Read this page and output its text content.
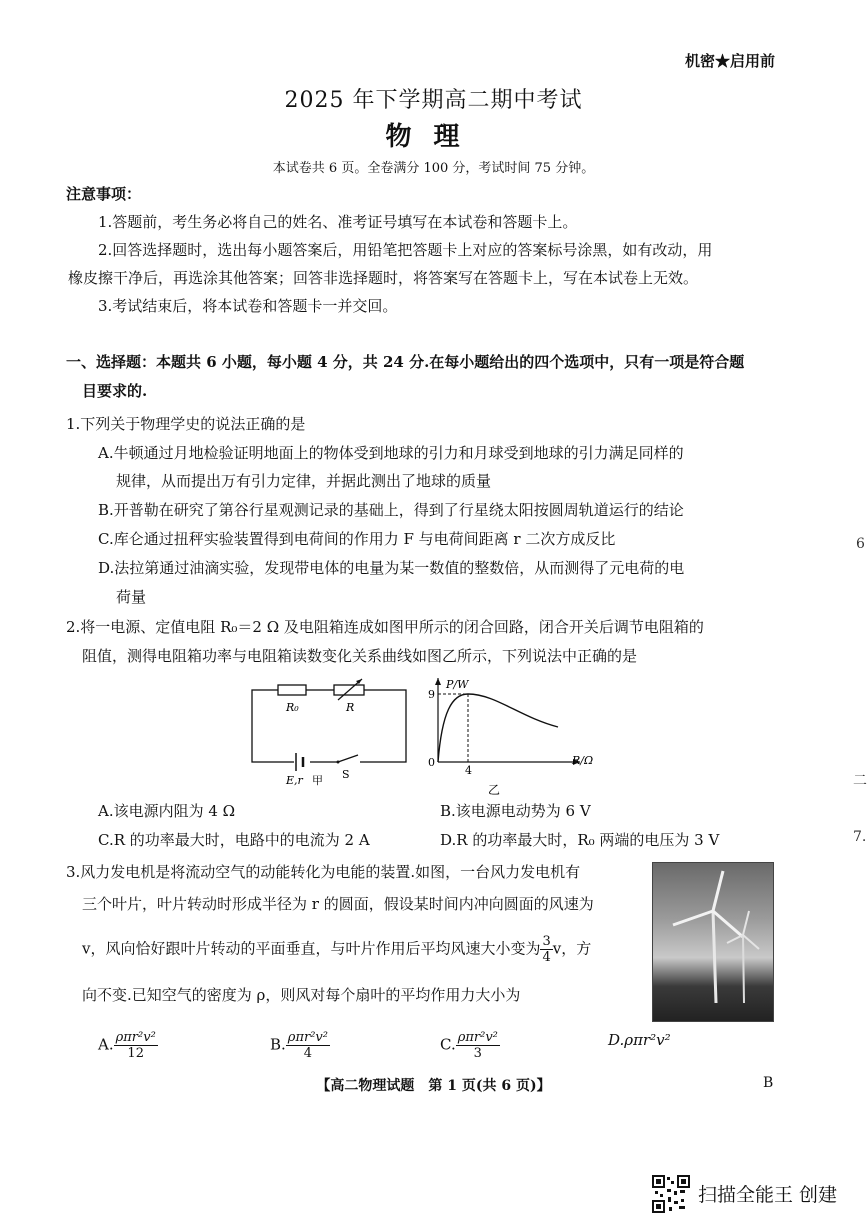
机密★启用前
2025 年下学期高二期中考试
物理
本试卷共 6 页。全卷满分 100 分，考试时间 75 分钟。
注意事项：
1.答题前，考生务必将自己的姓名、准考证号填写在本试卷和答题卡上。
2.回答选择题时，选出每小题答案后，用铅笔把答题卡上对应的答案标号涂黑，如有改动，用
橡皮擦干净后，再选涂其他答案；回答非选择题时，将答案写在答题卡上，写在本试卷上无效。
3.考试结束后，将本试卷和答题卡一并交回。
一、选择题：本题共 6 小题，每小题 4 分，共 24 分.在每小题给出的四个选项中，只有一项是符合题
目要求的.
1.下列关于物理学史的说法正确的是
A.牛顿通过月地检验证明地面上的物体受到地球的引力和月球受到地球的引力满足同样的
规律，从而提出万有引力定律，并据此测出了地球的质量
B.开普勒在研究了第谷行星观测记录的基础上，得到了行星绕太阳按圆周轨道运行的结论
C.库仑通过扭秤实验装置得到电荷间的作用力 F 与电荷间距离 r 二次方成反比
D.法拉第通过油滴实验，发现带电体的电量为某一数值的整数倍，从而测得了元电荷的电
荷量
2.将一电源、定值电阻 R₀＝2 Ω 及电阻箱连成如图甲所示的闭合回路，闭合开关后调节电阻箱的
阻值，测得电阻箱功率与电阻箱读数变化关系曲线如图乙所示，下列说法中正确的是
R₀	R
E,r 甲 S
P/W
R/Ω
9
4
0
乙
A.该电源内阻为 4 Ω	B.该电源电动势为 6 V
C.R 的功率最大时，电路中的电流为 2 A	D.R 的功率最大时，R₀ 两端的电压为 3 V
3.风力发电机是将流动空气的动能转化为电能的装置.如图，一台风力发电机有
三个叶片，叶片转动时形成半径为 r 的圆面，假设某时间内冲向圆面的风速为
v，风向恰好跟叶片转动的平面垂直，与叶片作用后平均风速大小变为 $\frac{3}{4}$ v，方
向不变.已知空气的密度为 ρ，则风对每个扇叶的平均作用力大小为
A. $\frac{\text{ρπr²v²}}{12}$	B. $\frac{\text{ρπr²v²}}{4}$	C. $\frac{\text{ρπr²v²}}{3}$	D.ρπr²v²
【高二物理试题　第 1 页(共 6 页)】	B
6
二
7.
扫描全能王 创建
